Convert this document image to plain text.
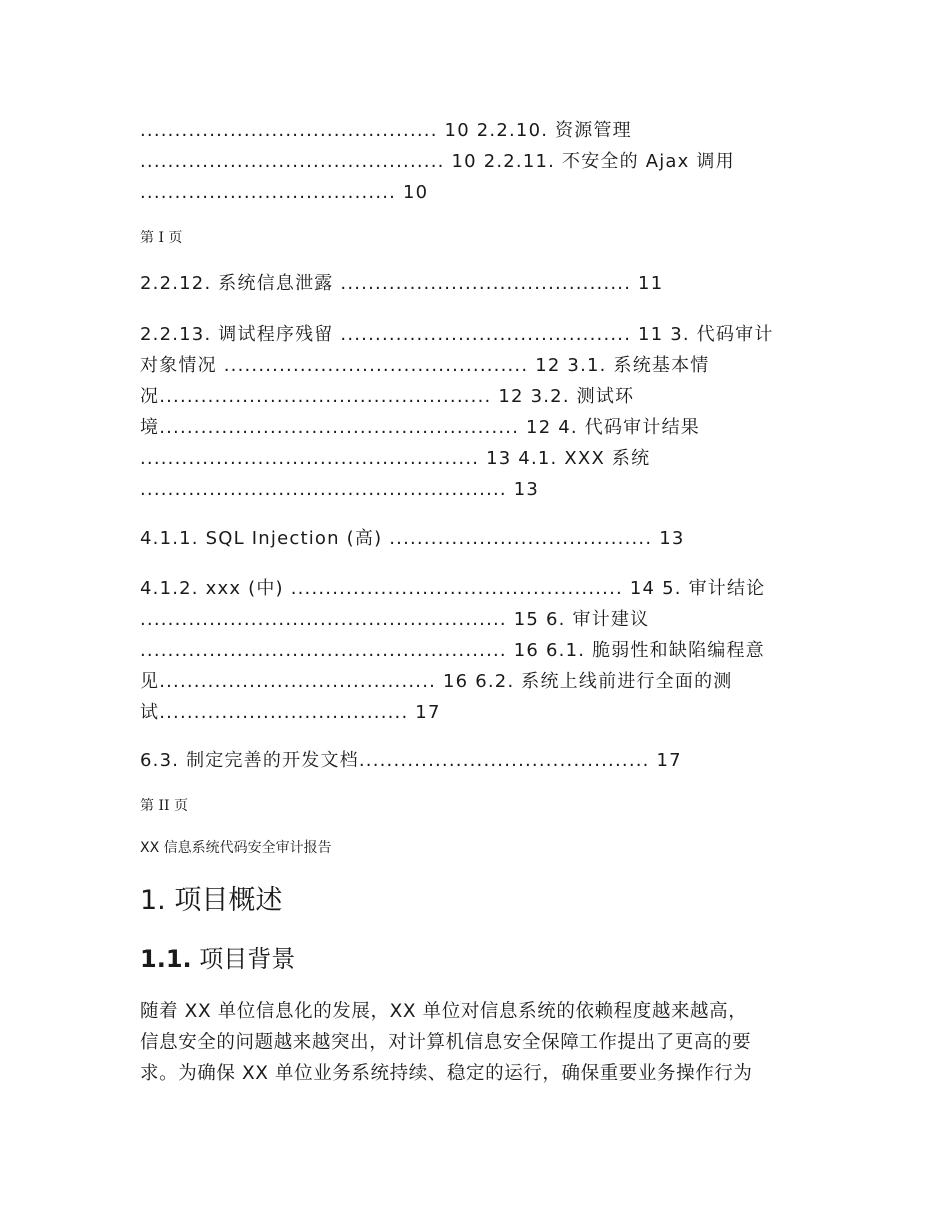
........................................... 10 2.2.10. 资源管理
............................................ 10 2.2.11. 不安全的 Ajax 调用
..................................... 10
第 I 页
2.2.12. 系统信息泄露 .......................................... 11
2.2.13. 调试程序残留 .......................................... 11 3. 代码审计
对象情况 ............................................ 12 3.1. 系统基本情
况................................................ 12 3.2. 测试环
境.................................................... 12 4. 代码审计结果
................................................. 13 4.1. XXX 系统
..................................................... 13
4.1.1. SQL Injection (高) ...................................... 13
4.1.2. xxx (中) ................................................ 14 5. 审计结论
..................................................... 15 6. 审计建议
..................................................... 16 6.1. 脆弱性和缺陷编程意
见........................................ 16 6.2. 系统上线前进行全面的测
试.................................... 17
6.3. 制定完善的开发文档.......................................... 17
第 II 页
XX 信息系统代码安全审计报告
1. 项目概述
1.1. 项目背景
随着 XX 单位信息化的发展，XX 单位对信息系统的依赖程度越来越高，
信息安全的问题越来越突出，对计算机信息安全保障工作提出了更高的要
求。为确保 XX 单位业务系统持续、稳定的运行，确保重要业务操作行为
